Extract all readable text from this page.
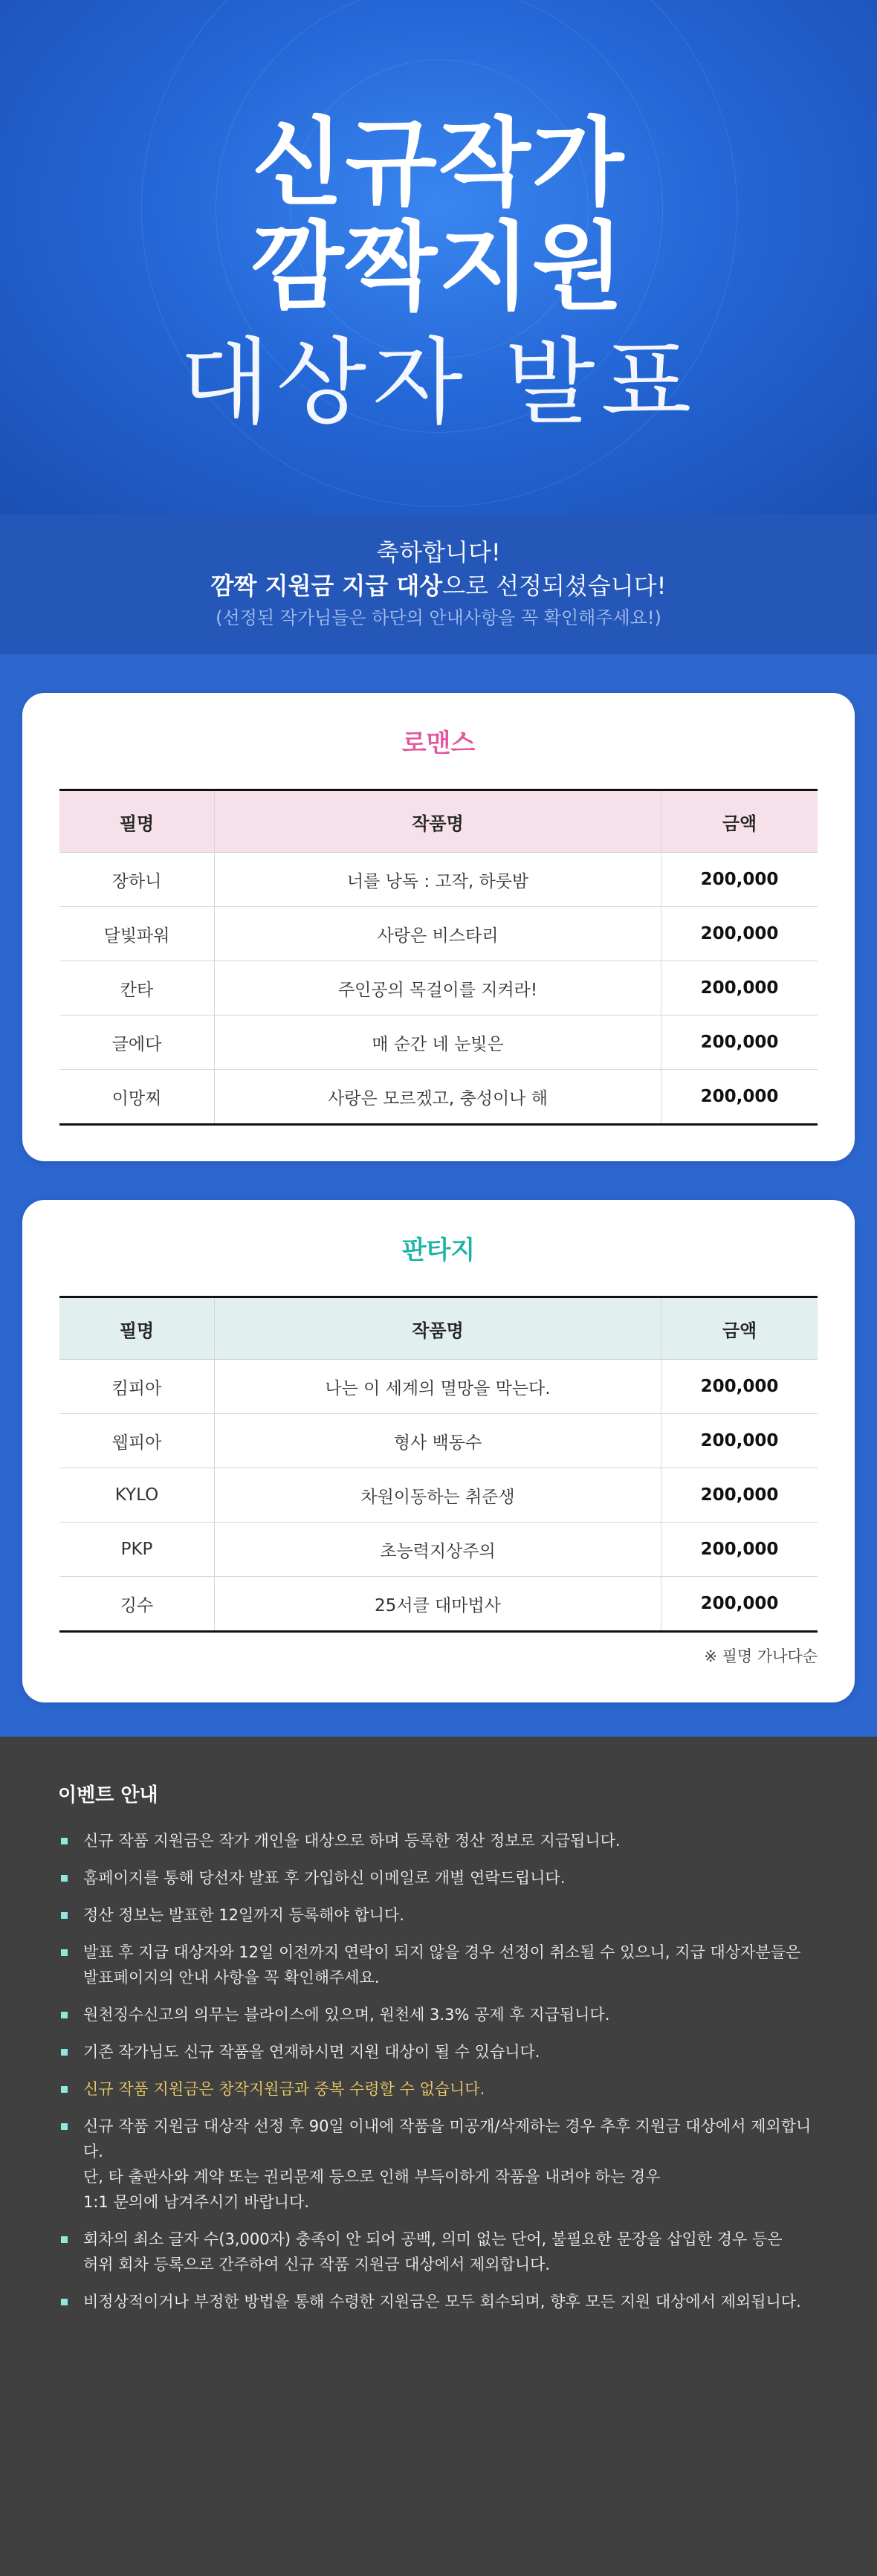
신규작가
깜짝지원
대상자 발표
축하합니다!
깜짝 지원금 지급 대상으로 선정되셨습니다!
(선정된 작가님들은 하단의 안내사항을 꼭 확인해주세요!)
로맨스
필명	작품명	금액
장하니	너를 낭독 : 고작, 하룻밤	200,000
달빛파워	사랑은 비스타리	200,000
칸타	주인공의 목걸이를 지켜라!	200,000
글에다	매 순간 네 눈빛은	200,000
이망찌	사랑은 모르겠고, 충성이나 해	200,000
판타지
필명	작품명	금액
킴피아	나는 이 세계의 멸망을 막는다.	200,000
웹피아	형사 백동수	200,000
KYLO	차원이동하는 취준생	200,000
PKP	초능력지상주의	200,000
깅수	25서클 대마법사	200,000
※ 필명 가나다순
이벤트 안내
신규 작품 지원금은 작가 개인을 대상으로 하며 등록한 정산 정보로 지급됩니다.
홈페이지를 통해 당선자 발표 후 가입하신 이메일로 개별 연락드립니다.
정산 정보는 발표한 12일까지 등록해야 합니다.
발표 후 지급 대상자와 12일 이전까지 연락이 되지 않을 경우 선정이 취소될 수 있으니, 지급 대상자분들은
발표페이지의 안내 사항을 꼭 확인해주세요.
원천징수신고의 의무는 블라이스에 있으며, 원천세 3.3% 공제 후 지급됩니다.
기존 작가님도 신규 작품을 연재하시면 지원 대상이 될 수 있습니다.
신규 작품 지원금은 창작지원금과 중복 수령할 수 없습니다.
신규 작품 지원금 대상작 선정 후 90일 이내에 작품을 미공개/삭제하는 경우 추후 지원금 대상에서 제외합니다.
단, 타 출판사와 계약 또는 권리문제 등으로 인해 부득이하게 작품을 내려야 하는 경우
1:1 문의에 남겨주시기 바랍니다.
회차의 최소 글자 수(3,000자) 충족이 안 되어 공백, 의미 없는 단어, 불필요한 문장을 삽입한 경우 등은
허위 회차 등록으로 간주하여 신규 작품 지원금 대상에서 제외합니다.
비정상적이거나 부정한 방법을 통해 수령한 지원금은 모두 회수되며, 향후 모든 지원 대상에서 제외됩니다.
